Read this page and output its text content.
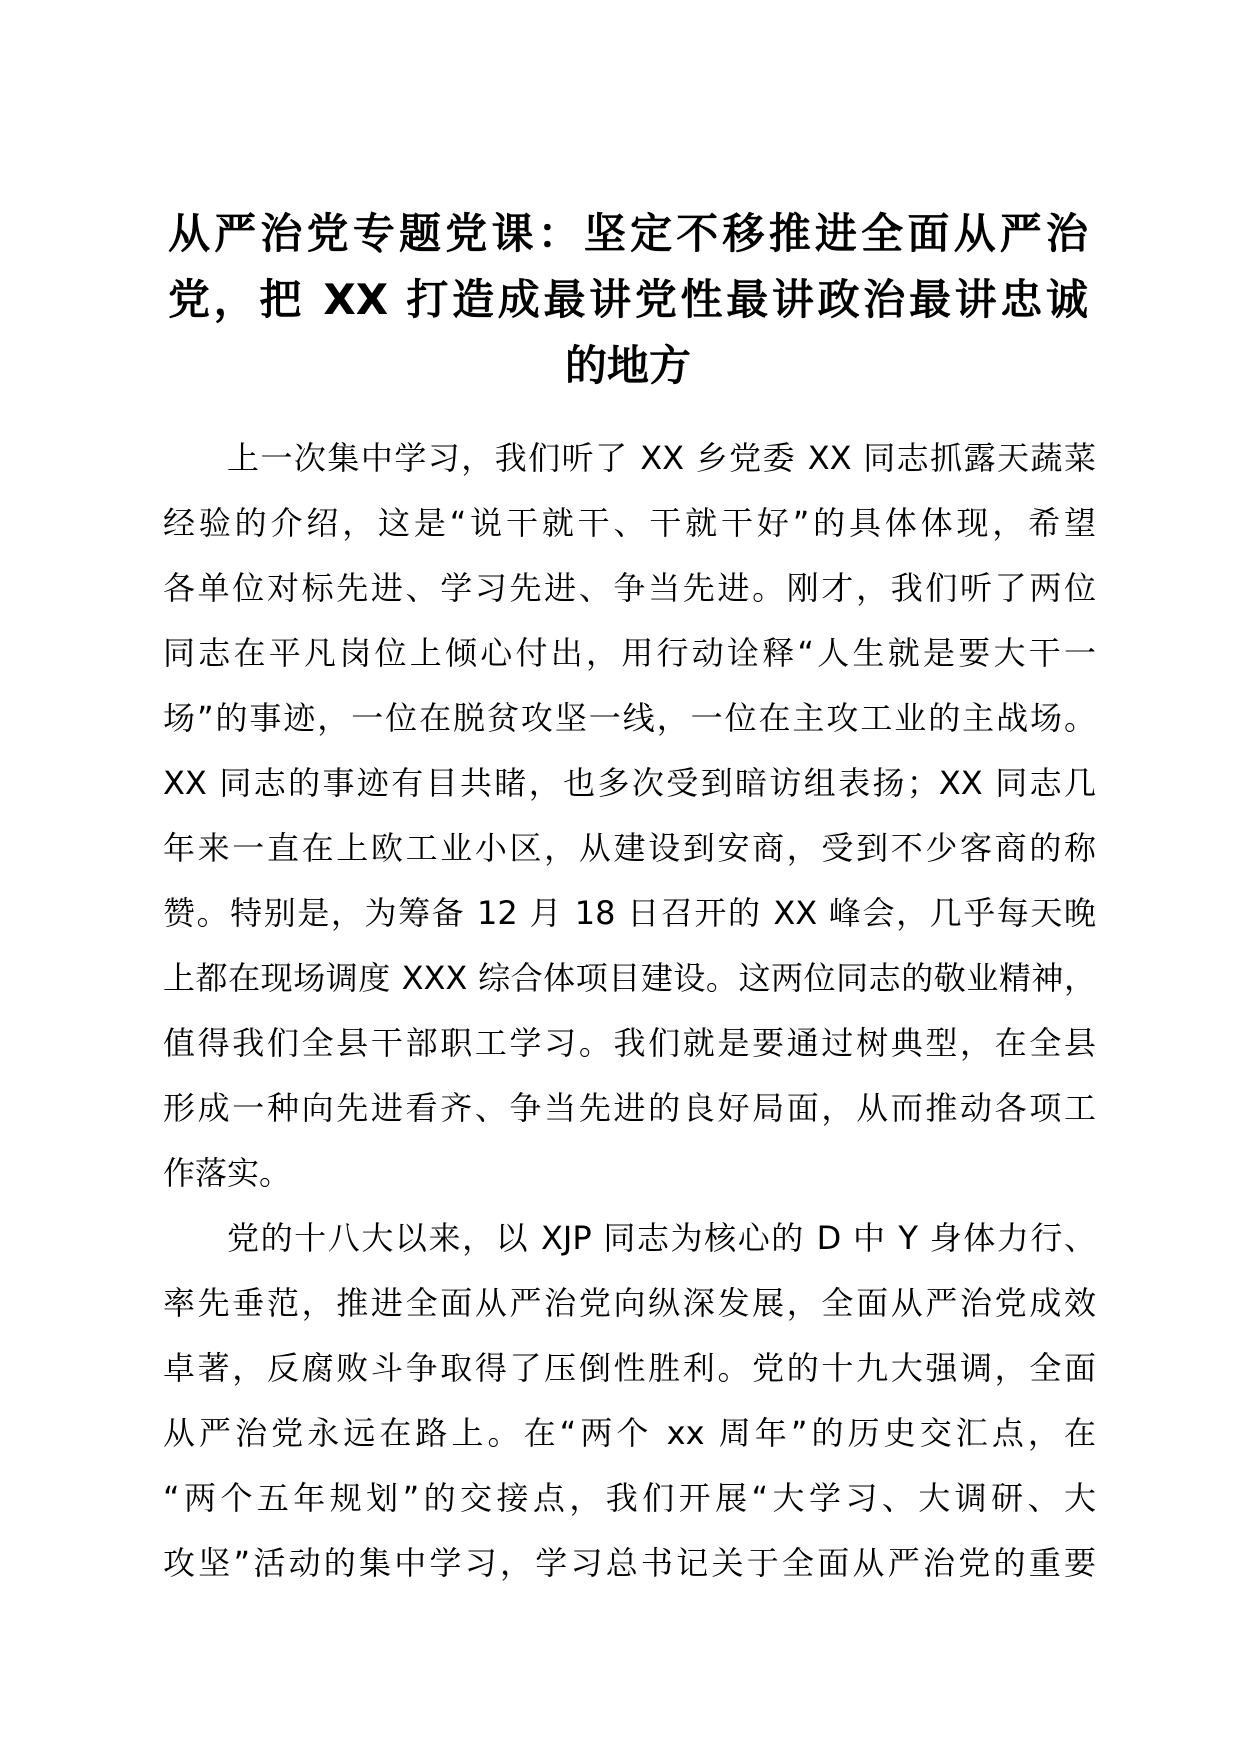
从严治党专题党课：坚定不移推进全面从严治
党，把 XX 打造成最讲党性最讲政治最讲忠诚
的地方
上一次集中学习，我们听了 XX 乡党委 XX 同志抓露天蔬菜
经验的介绍，这是“说干就干、干就干好”的具体体现，希望
各单位对标先进、学习先进、争当先进。刚才，我们听了两位
同志在平凡岗位上倾心付出，用行动诠释“人生就是要大干一
场”的事迹，一位在脱贫攻坚一线，一位在主攻工业的主战场。
XX 同志的事迹有目共睹，也多次受到暗访组表扬；XX 同志几
年来一直在上欧工业小区，从建设到安商，受到不少客商的称
赞。特别是，为筹备 12 月 18 日召开的 XX 峰会，几乎每天晚
上都在现场调度 XXX 综合体项目建设。这两位同志的敬业精神，
值得我们全县干部职工学习。我们就是要通过树典型，在全县
形成一种向先进看齐、争当先进的良好局面，从而推动各项工
作落实。
党的十八大以来，以 XJP 同志为核心的 D 中 Y 身体力行、
率先垂范，推进全面从严治党向纵深发展，全面从严治党成效
卓著，反腐败斗争取得了压倒性胜利。党的十九大强调，全面
从严治党永远在路上。在“两个 xx 周年”的历史交汇点，在
“两个五年规划”的交接点，我们开展“大学习、大调研、大
攻坚”活动的集中学习，学习总书记关于全面从严治党的重要
